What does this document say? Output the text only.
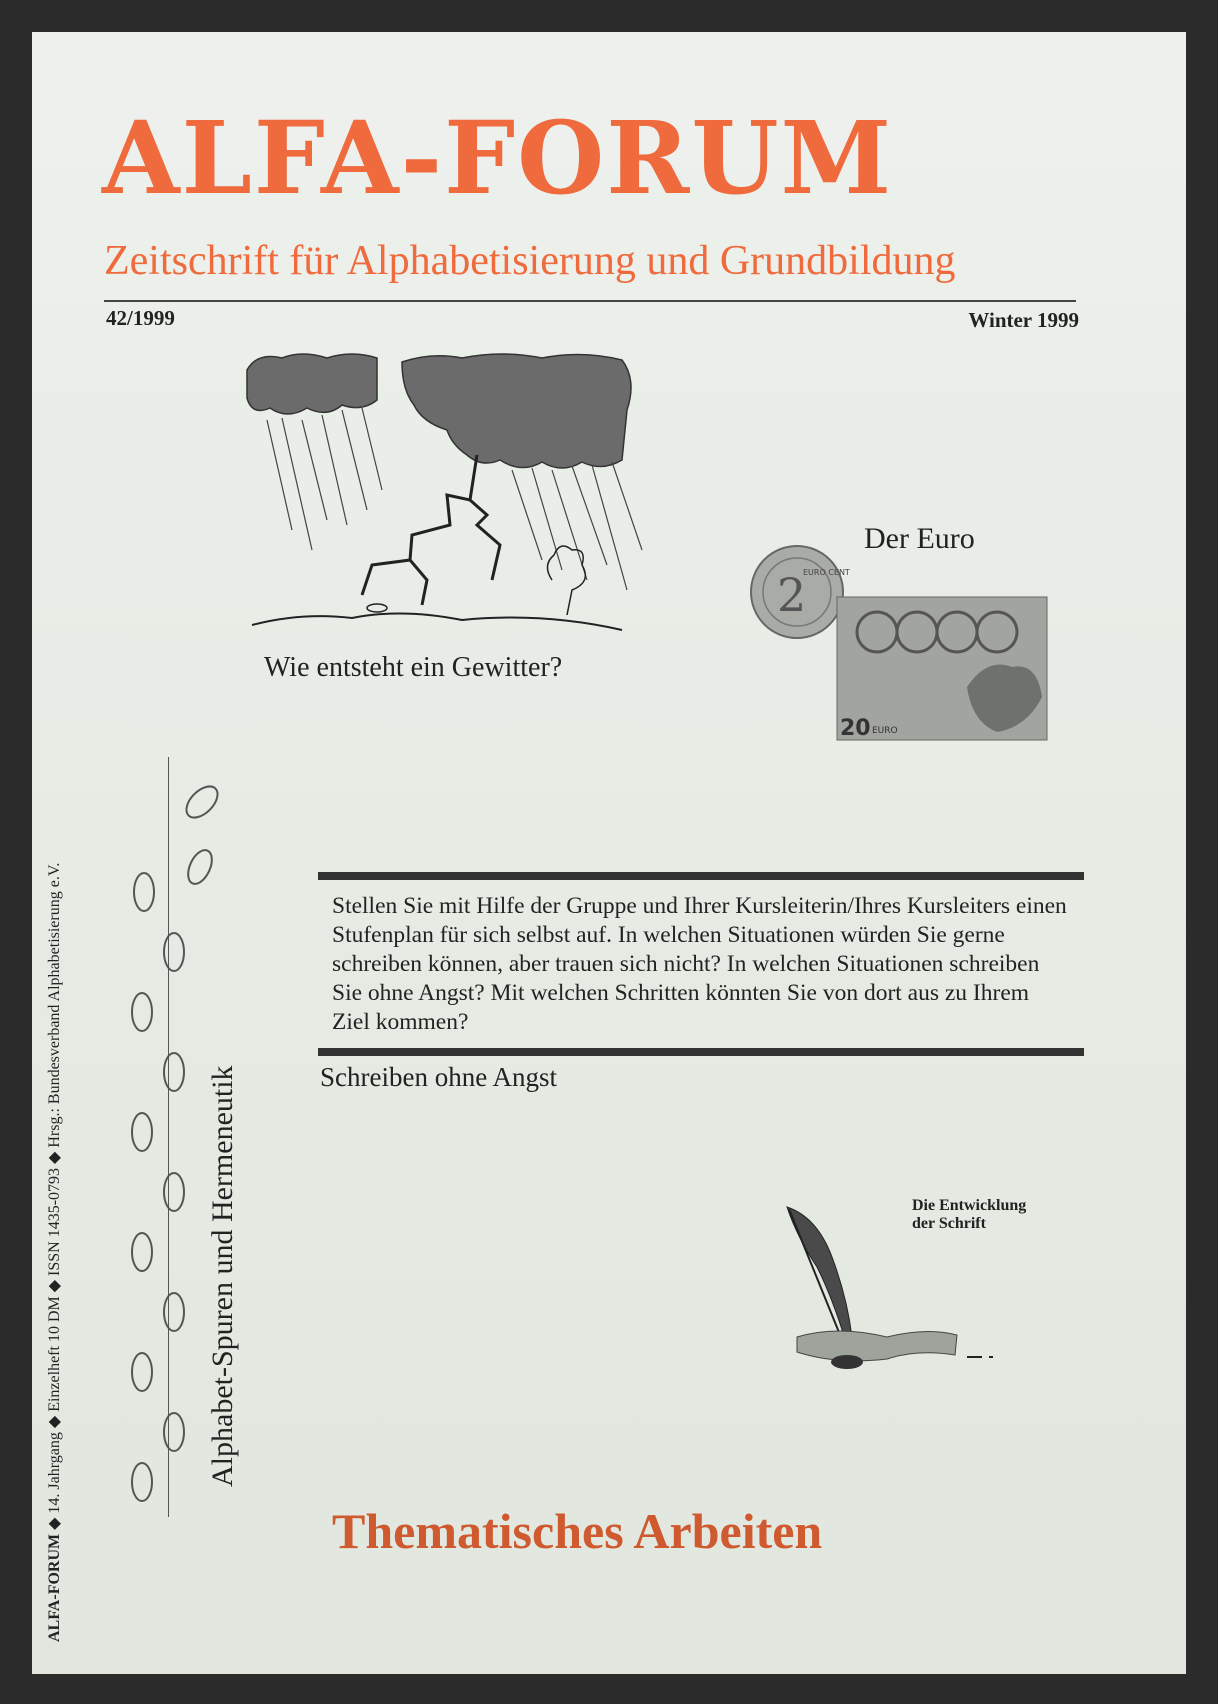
ALFA-FORUM
Zeitschrift für Alphabetisierung und Grundbildung
42/1999	Winter 1999
Wie entsteht ein Gewitter?
2
EURO CENT
20 EURO
Der Euro
Alphabet-Spuren und Hermeneutik
ALFA-FORUM ◆ 14. Jahrgang ◆ Einzelheft 10 DM ◆ ISSN 1435-0793 ◆ Hrsg.: Bundesverband Alphabetisierung e.V.	Stellen Sie mit Hilfe der Gruppe und Ihrer Kursleiterin/Ihres Kursleiters einen Stufenplan für sich selbst auf. In welchen Situationen würden Sie gerne schreiben können, aber trauen sich nicht? In welchen Situationen schreiben Sie ohne Angst? Mit welchen Schritten könnten Sie von dort aus zu Ihrem Ziel kommen?
Schreiben ohne Angst
Die Entwicklung
der Schrift
Thematisches Arbeiten
